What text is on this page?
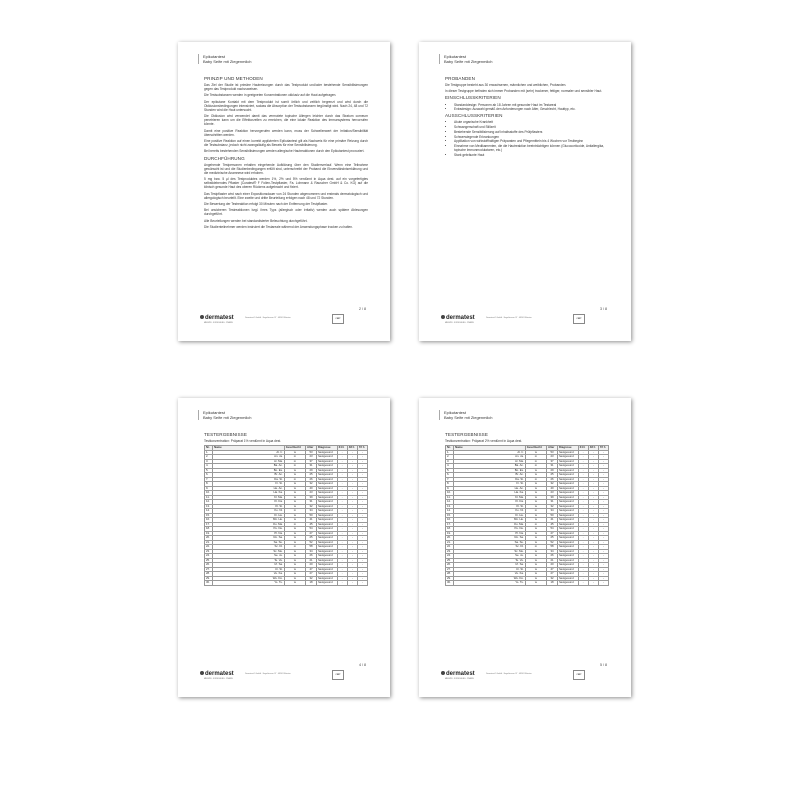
Epikutantest
Baby Seife mit Ziegenmilch
PRINZIP UND METHODEN

Das Ziel der Studie ist primäre Hautreizungen durch das Testprodukt und/oder bestehende Sensibilisierungen gegen das Testprodukt nachzuweisen.

Die Testsubstanzen werden in geeigneten Konzentrationen okklusiv auf die Haut aufgetragen.

Der epikutane Kontakt mit dem Testprodukt ist somit örtlich und zeitlich begrenzt und wird durch die Okklusionsbedingungen intensiviert, sodass die Absorption der Testsubstanzen begünstigt wird. Nach 24, 48 und 72 Stunden wird die Haut untersucht.

Die Okklusion wird verwendet damit das vermutete topische Allergen leichter durch das Stratum corneum penetrieren kann um die Effektorzellen zu erreichen, die eine lokale Reaktion des Immunsystems hervorrufen könnte.

Damit eine positive Reaktion hervorgerufen werden kann, muss der Schwellenwert der Irritation/Sensibilität überschritten werden.

Eine positive Reaktion auf einen korrekt applizierten Epikutantest gilt als Nachweis für eine primäre Reizung durch die Testsubstanz, jedoch nicht zwangsläufig als Beweis für eine Sensibilisierung.

Bei bereits bestehenden Sensibilisierungen werden allergische Hautreaktionen durch den Epikutantest provoziert.

DURCHFÜHRUNG

Angehende Testpersonen erhalten eingehende Aufklärung über den Studienverlauf. Wenn eine Teilnahme gewünscht ist und die Studienbedingungen erfüllt sind, unterschreibt der Proband die Einverständniserklärung und die medizinische Anamnese wird erhoben.

5 mg bzw. 5 µl des Testproduktes werden 1%, 2% und 5% verdünnt in Aqua dest. auf ein vorgefertigtes selbstklebendes Pflaster (Curatest® F Folien-Testpflaster, Fa. Lohmann & Rauscher GmbH & Co. KG) auf die klinisch gesunde Haut des oberen Rückens aufgebracht und fixiert.

Das Testpflaster wird nach einer Expositionsdauer von 24 Stunden abgenommen und erstmals dermatologisch und allergologisch beurteilt. Eine zweite und dritte Beurteilung erfolgen nach 48 und 72 Stunden.

Die Bewertung der Testreaktion erfolgt 30 Minuten nach der Entfernung der Testpflaster.

Bei unsicheren Testreaktionen bzgl. ihres Typs (allergisch oder irritativ) werden auch spätere Ablesungen durchgeführt.

Alle Beurteilungen werden bei standardisierter Beleuchtung durchgeführt.

Die Studienteilnehmer werden instruiert die Testareale während der Anwendungsphase trocken zu halten.

2 / 8
dermatest
MEDIZIN · FORSCHUNG · PRAXIS
Dermatest® GmbH · Engelstrasse 37 · 48143 Münster	CERT
Epikutantest
Baby Seife mit Ziegenmilch
PROBANDEN

Die Testgruppe besteht aus 30 erwachsenen, männlichen und weiblichen, Probanden.

In dieser Testgruppe befinden sich immer Probanden mit (sehr) trockener, fettiger, normaler und sensibler Haut.

EINSCHLUSSKRITERIEN
• Standarddesign: Personen ab 18 Jahren mit gesunder Haut im Testareal
• Extradesign: Auswahl gemäß den Anforderungen nach Alter, Geschlecht, Hauttyp, etc.
AUSSCHLUSSKRITERIEN
• Akute organische Krankheit
• Schwangerschaft und Stillzeit
• Bestehende Sensibilisierung auf Inhaltsstoffe des Prüfpflasters
• Schwerwiegende Erkrankungen
• Applikation von wirkstoffhaltigen Präparaten und Pflegemitteln bis 4 Wochen vor Testbeginn
• Einnahme von Medikamenten, die die Hautreaktion beeinträchtigen können (Glucocorticoide, Antiallergika, topische Immunmodulatoren, etc.)
• Stark gebräunte Haut
3 / 8
dermatest
MEDIZIN · FORSCHUNG · PRAXIS
Dermatest® GmbH · Engelstrasse 37 · 48143 Münster	CERT
Epikutantest
Baby Seife mit Ziegenmilch
TESTERGEBNISSE

Testkonzentration: Präparat 1% verdünnt in Aqua dest.

Nr.	Name	Geschlecht	Alter	Diagnose	24 h	48 h	72 h
1.	Al. Ir.	w	53	hautgesund	-	-	-
2.	An. Ja.	m	23	hautgesund	-	-	-
3.	Ar. Ma.	m	37	hautgesund	-	-	-
4.	Ba. An.	m	31	hautgesund	-	-	-
5.	Bo. Es.	w	29	hautgesund	-	-	-
6.	Br. An.	w	25	hautgesund	-	-	-
7.	Da. St.	m	26	hautgesund	-	-	-
8.	Fr. St.	w	32	hautgesund	-	-	-
9.	He. An.	w	40	hautgesund	-	-	-
10.	Ha. Ka.	w	23	hautgesund	-	-	-
11.	Kl. Ma.	w	39	hautgesund	-	-	-
12.	Kl. Da.	w	31	hautgesund	-	-	-
13.	Kl. St.	w	32	hautgesund	-	-	-
14.	Ko. Ni.	m	34	hautgesund	-	-	-
15.	Kr. He.	w	50	hautgesund	-	-	-
16.	Mü. He.	w	41	hautgesund	-	-	-
17.	Ou. Ma.	m	45	hautgesund	-	-	-
18.	Pe. De.	w	54	hautgesund	-	-	-
19.	Pl. Na.	w	27	hautgesund	-	-	-
20.	Ro. Sa.	w	25	hautgesund	-	-	-
21.	Sa. Su.	w	52	hautgesund	-	-	-
22.	Sc. Di.	m	58	hautgesund	-	-	-
23.	Sc. Me.	w	34	hautgesund	-	-	-
24.	Se. Je.	w	26	hautgesund	-	-	-
25.	Te. Ve.	w	21	hautgesund	-	-	-
26.	Uf. Sa.	w	20	hautgesund	-	-	-
27.	Ur. St.	w	47	hautgesund	-	-	-
28.	Ve. Ka.	w	27	hautgesund	-	-	-
29.	We. Do.	w	32	hautgesund	-	-	-
30.	Yo. Tu.	w	18	hautgesund	-	-	-
4 / 8
dermatest
MEDIZIN · FORSCHUNG · PRAXIS
Dermatest® GmbH · Engelstrasse 37 · 48143 Münster	CERT
Epikutantest
Baby Seife mit Ziegenmilch
TESTERGEBNISSE

Testkonzentration: Präparat 2% verdünnt in Aqua dest.

Nr.	Name	Geschlecht	Alter	Diagnose	24 h	48 h	72 h
1.	Al. Ir.	w	53	hautgesund	-	-	-
2.	An. Ja.	m	23	hautgesund	-	-	-
3.	Ar. Ma.	m	37	hautgesund	-	-	-
4.	Ba. An.	m	31	hautgesund	-	-	-
5.	Bo. Es.	w	29	hautgesund	-	-	-
6.	Br. An.	w	25	hautgesund	-	-	-
7.	Da. St.	m	26	hautgesund	-	-	-
8.	Fr. St.	w	32	hautgesund	-	-	-
9.	He. An.	w	40	hautgesund	-	-	-
10.	Ha. Ka.	w	23	hautgesund	-	-	-
11.	Kl. Ma.	w	39	hautgesund	-	-	-
12.	Kl. Da.	w	31	hautgesund	-	-	-
13.	Kl. St.	w	32	hautgesund	-	-	-
14.	Ko. Ni.	m	34	hautgesund	-	-	-
15.	Kr. He.	w	50	hautgesund	-	-	-
16.	Mü. He.	w	41	hautgesund	-	-	-
17.	Ou. Ma.	m	45	hautgesund	-	-	-
18.	Pe. De.	w	54	hautgesund	-	-	-
19.	Pl. Na.	w	27	hautgesund	-	-	-
20.	Ro. Sa.	w	25	hautgesund	-	-	-
21.	Sa. Su.	w	52	hautgesund	-	-	-
22.	Sc. Di.	m	58	hautgesund	-	-	-
23.	Sc. Me.	w	34	hautgesund	-	-	-
24.	Se. Je.	w	26	hautgesund	-	-	-
25.	Te. Ve.	w	21	hautgesund	-	-	-
26.	Uf. Sa.	w	20	hautgesund	-	-	-
27.	Ur. St.	w	47	hautgesund	-	-	-
28.	Ve. Ka.	w	27	hautgesund	-	-	-
29.	We. Do.	w	32	hautgesund	-	-	-
30.	Yo. Tu.	w	18	hautgesund	-	-	-
5 / 8
dermatest
MEDIZIN · FORSCHUNG · PRAXIS
Dermatest® GmbH · Engelstrasse 37 · 48143 Münster	CERT
